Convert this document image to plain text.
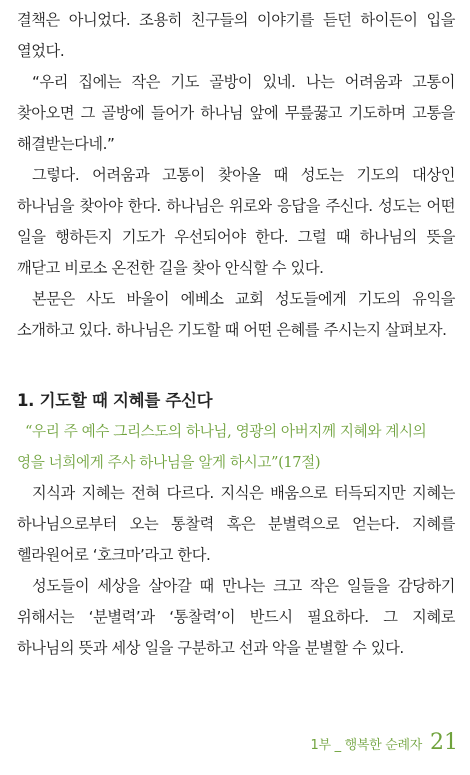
결책은 아니었다. 조용히 친구들의 이야기를 듣던 하이든이 입을 열었다.

“우리 집에는 작은 기도 골방이 있네. 나는 어려움과 고통이 찾아오면 그 골방에 들어가 하나님 앞에 무릎꿇고 기도하며 고통을 해결받는다네.”

그렇다. 어려움과 고통이 찾아올 때 성도는 기도의 대상인 하나님을 찾아야 한다. 하나님은 위로와 응답을 주신다. 성도는 어떤 일을 행하든지 기도가 우선되어야 한다. 그럴 때 하나님의 뜻을 깨닫고 비로소 온전한 길을 찾아 안식할 수 있다.

본문은 사도 바울이 에베소 교회 성도들에게 기도의 유익을 소개하고 있다. 하나님은 기도할 때 어떤 은혜를 주시는지 살펴보자.

1. 기도할 때 지혜를 주신다

“우리 주 예수 그리스도의 하나님, 영광의 아버지께 지혜와 계시의 영을 너희에게 주사 하나님을 알게 하시고”(17절)

지식과 지혜는 전혀 다르다. 지식은 배움으로 터득되지만 지혜는 하나님으로부터 오는 통찰력 혹은 분별력으로 얻는다. 지혜를 헬라원어로 ‘호크마’라고 한다.

성도들이 세상을 살아갈 때 만나는 크고 작은 일들을 감당하기 위해서는 ‘분별력’과 ‘통찰력’이 반드시 필요하다. 그 지혜로 하나님의 뜻과 세상 일을 구분하고 선과 악을 분별할 수 있다.

1부 _ 행복한 순례자 21
